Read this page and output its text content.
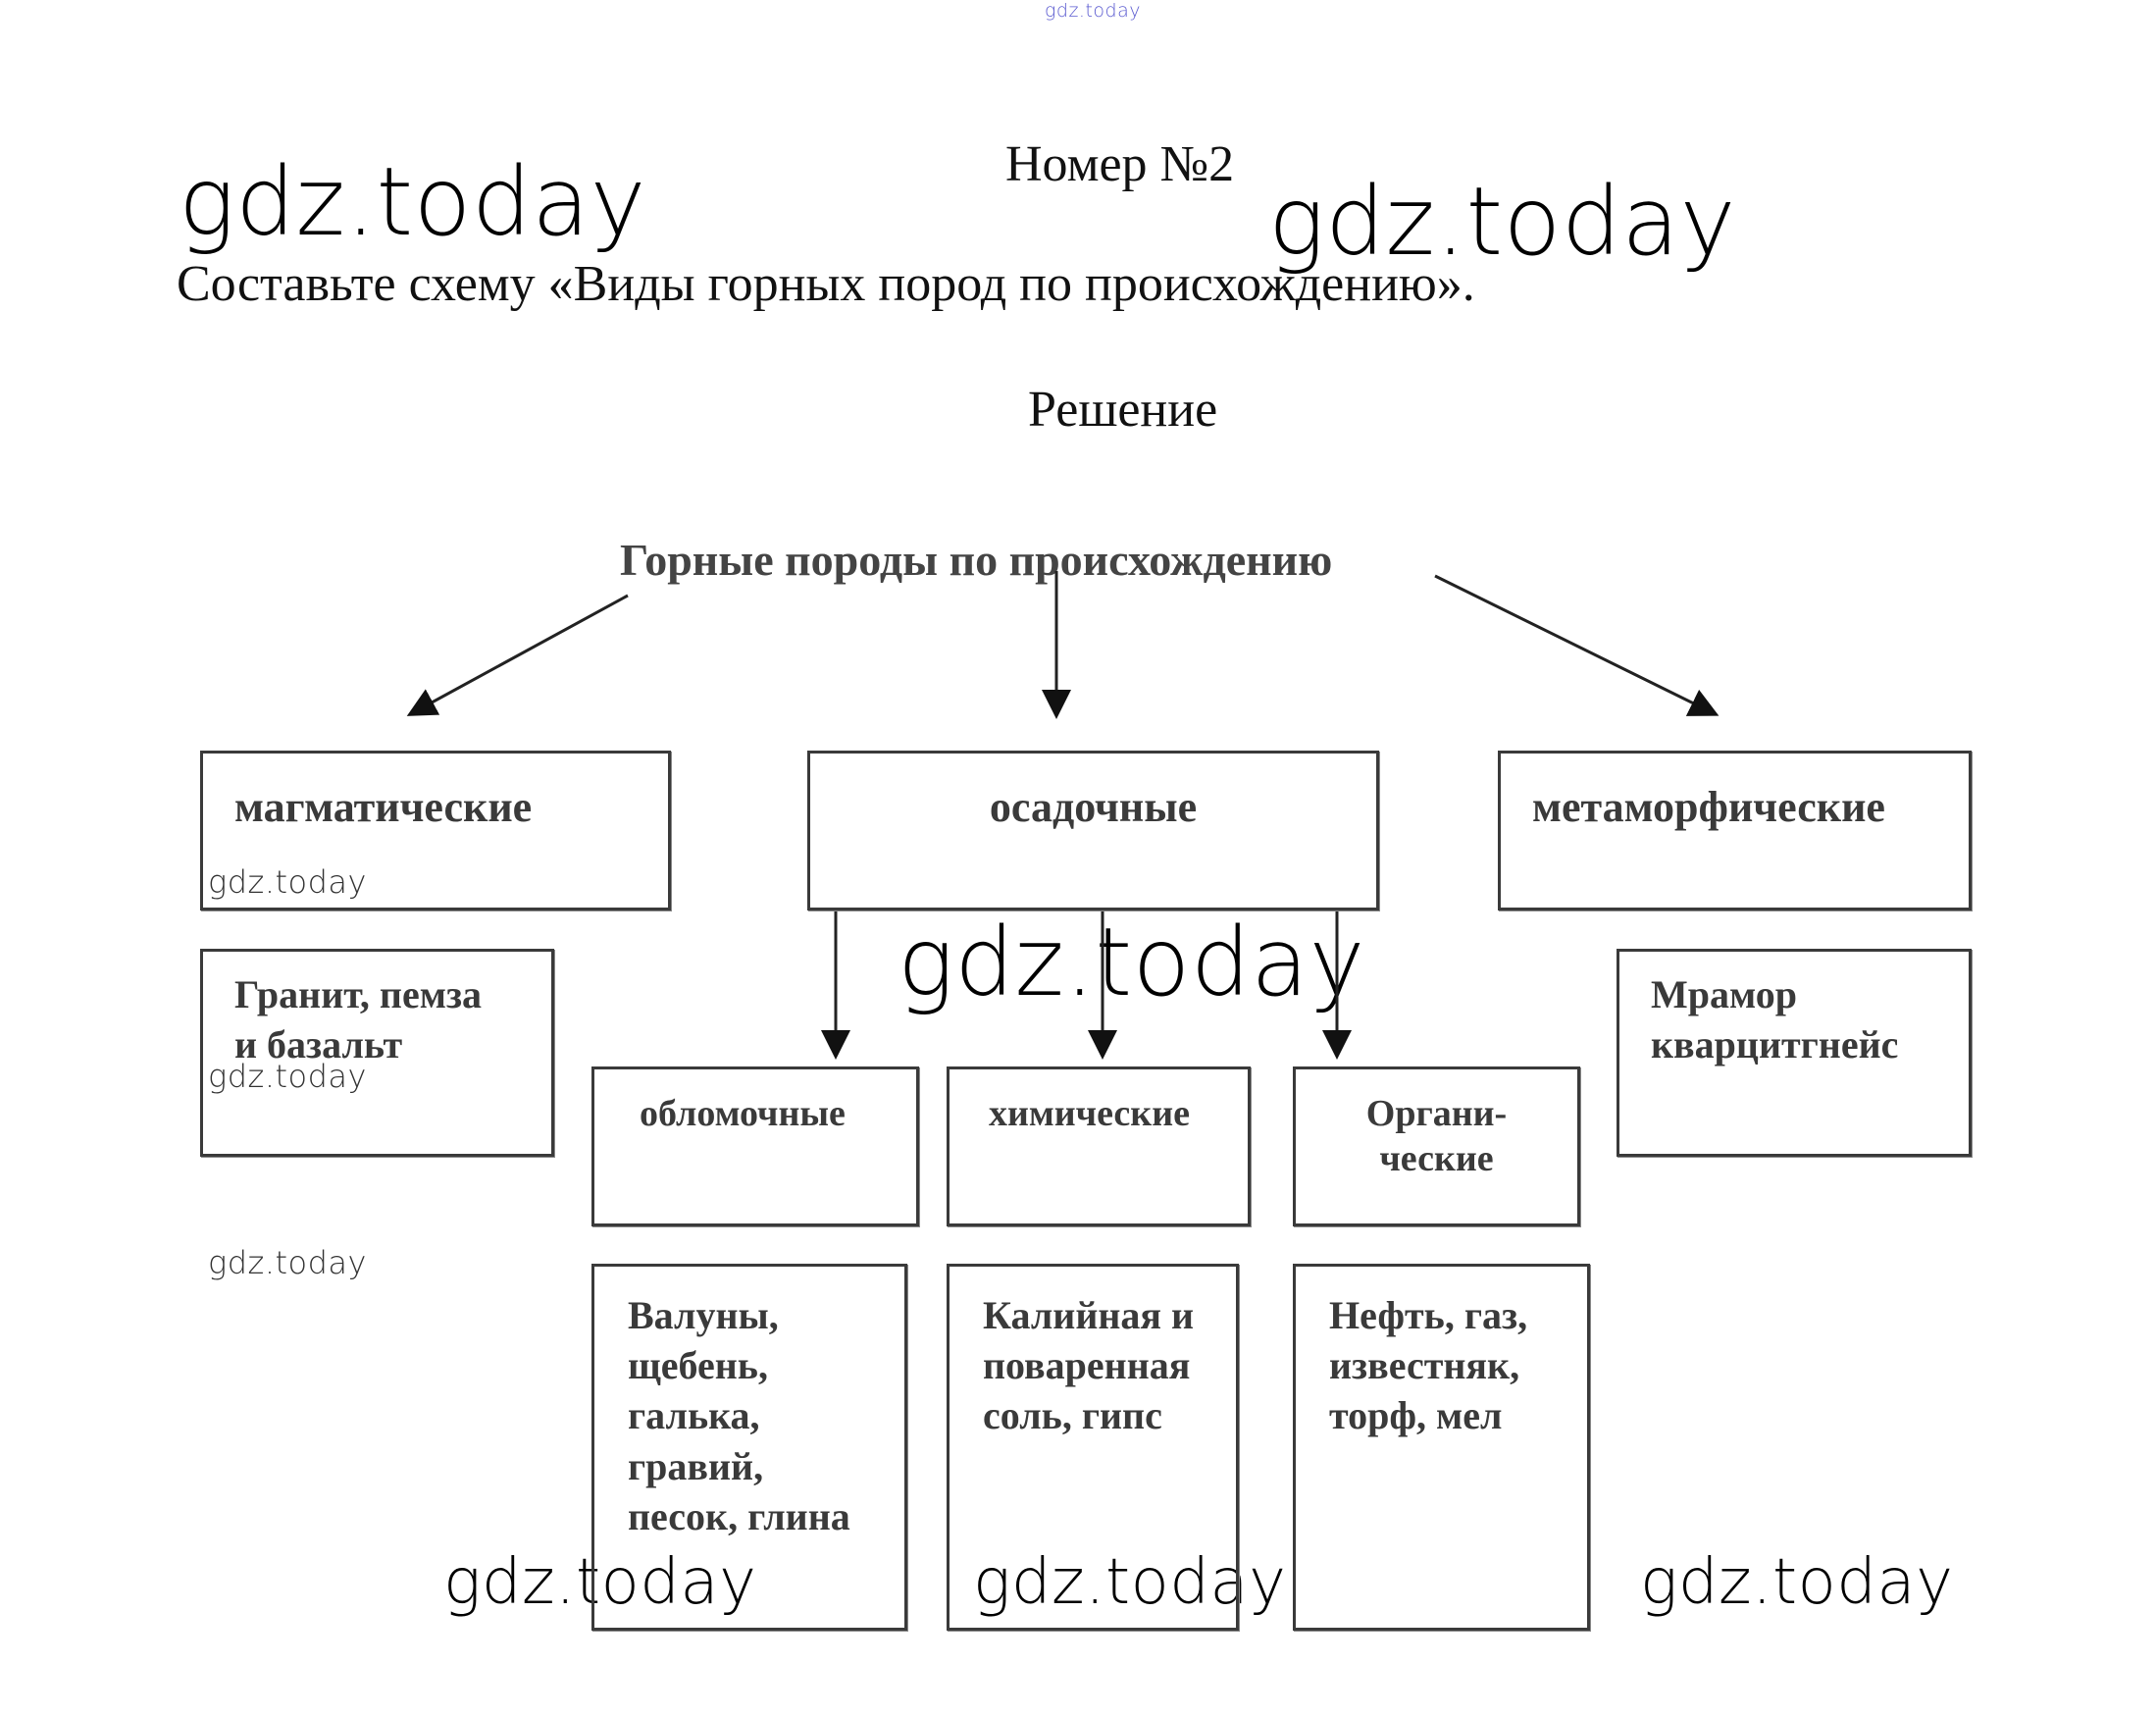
gdz.today
gdz.today	gdz.today
gdz.today
gdz.today
gdz.today
gdz.today
gdz.today	gdz.today	gdz.today
Номер №2
Составьте схему «Виды горных пород по происхождению».
Решение
Горные породы по происхождению
магматические	осадочные	метаморфические
Гранит, пемза
и базальт
Мрамор
кварцитгнейс
обломочные	химические	Органи-
ческие
Валуны,
щебень,
галька,
гравий,
песок, глина
Калийная и
поваренная
соль, гипс
Нефть, газ,
известняк,
торф, мел
